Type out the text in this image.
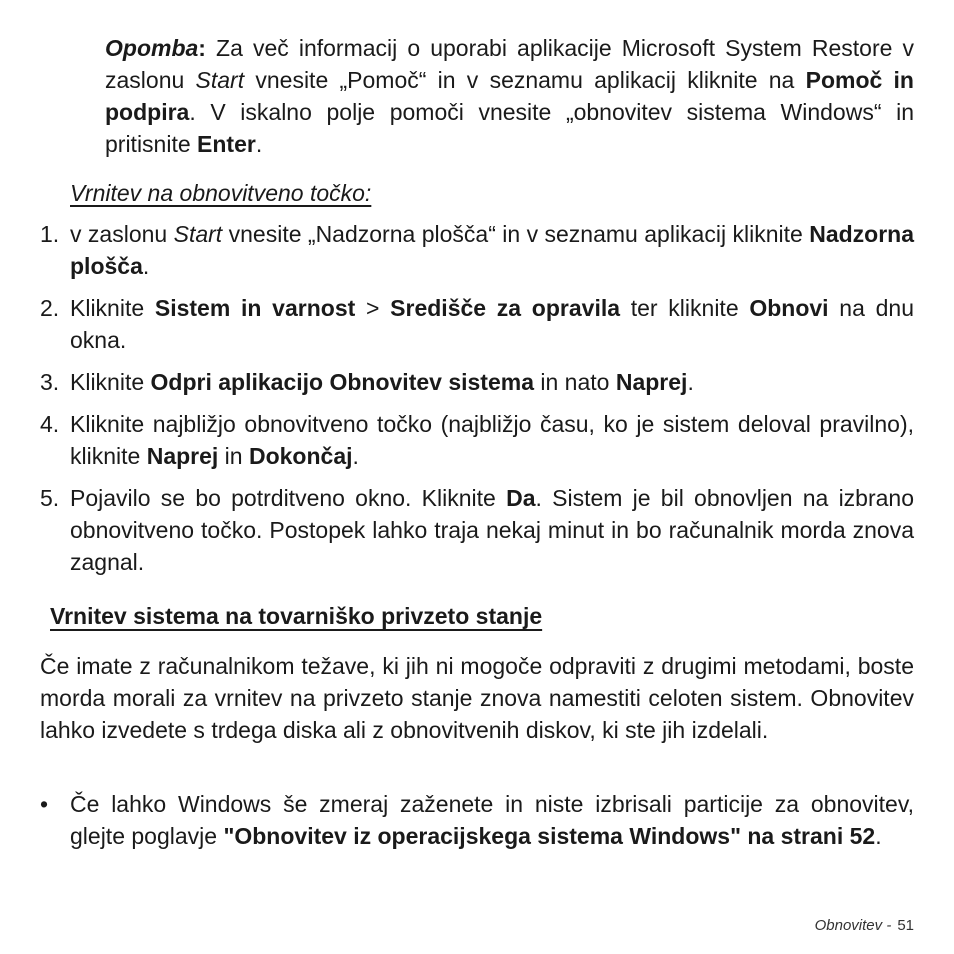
Opomba: Za več informacij o uporabi aplikacije Microsoft System Restore v zaslonu Start vnesite „Pomoč“ in v seznamu aplikacij kliknite na Pomoč in podpira. V iskalno polje pomoči vnesite „obnovitev sistema Windows“ in pritisnite Enter.

Vrnitev na obnovitveno točko:
1. v zaslonu Start vnesite „Nadzorna plošča“ in v seznamu aplikacij kliknite Nadzorna plošča.
2. Kliknite Sistem in varnost > Središče za opravila ter kliknite Obnovi na dnu okna.
3. Kliknite Odpri aplikacijo Obnovitev sistema in nato Naprej.
4. Kliknite najbližjo obnovitveno točko (najbližjo času, ko je sistem deloval pravilno), kliknite Naprej in Dokončaj.
5. Pojavilo se bo potrditveno okno. Kliknite Da. Sistem je bil obnovljen na izbrano obnovitveno točko. Postopek lahko traja nekaj minut in bo računalnik morda znova zagnal.
Vrnitev sistema na tovarniško privzeto stanje

Če imate z računalnikom težave, ki jih ni mogoče odpraviti z drugimi metodami, boste morda morali za vrnitev na privzeto stanje znova namestiti celoten sistem. Obnovitev lahko izvedete s trdega diska ali z obnovitvenih diskov, ki ste jih izdelali.

• Če lahko Windows še zmeraj zaženete in niste izbrisali particije za obnovitev, glejte poglavje "Obnovitev iz operacijskega sistema Windows" na strani 52.
Obnovitev - 51
